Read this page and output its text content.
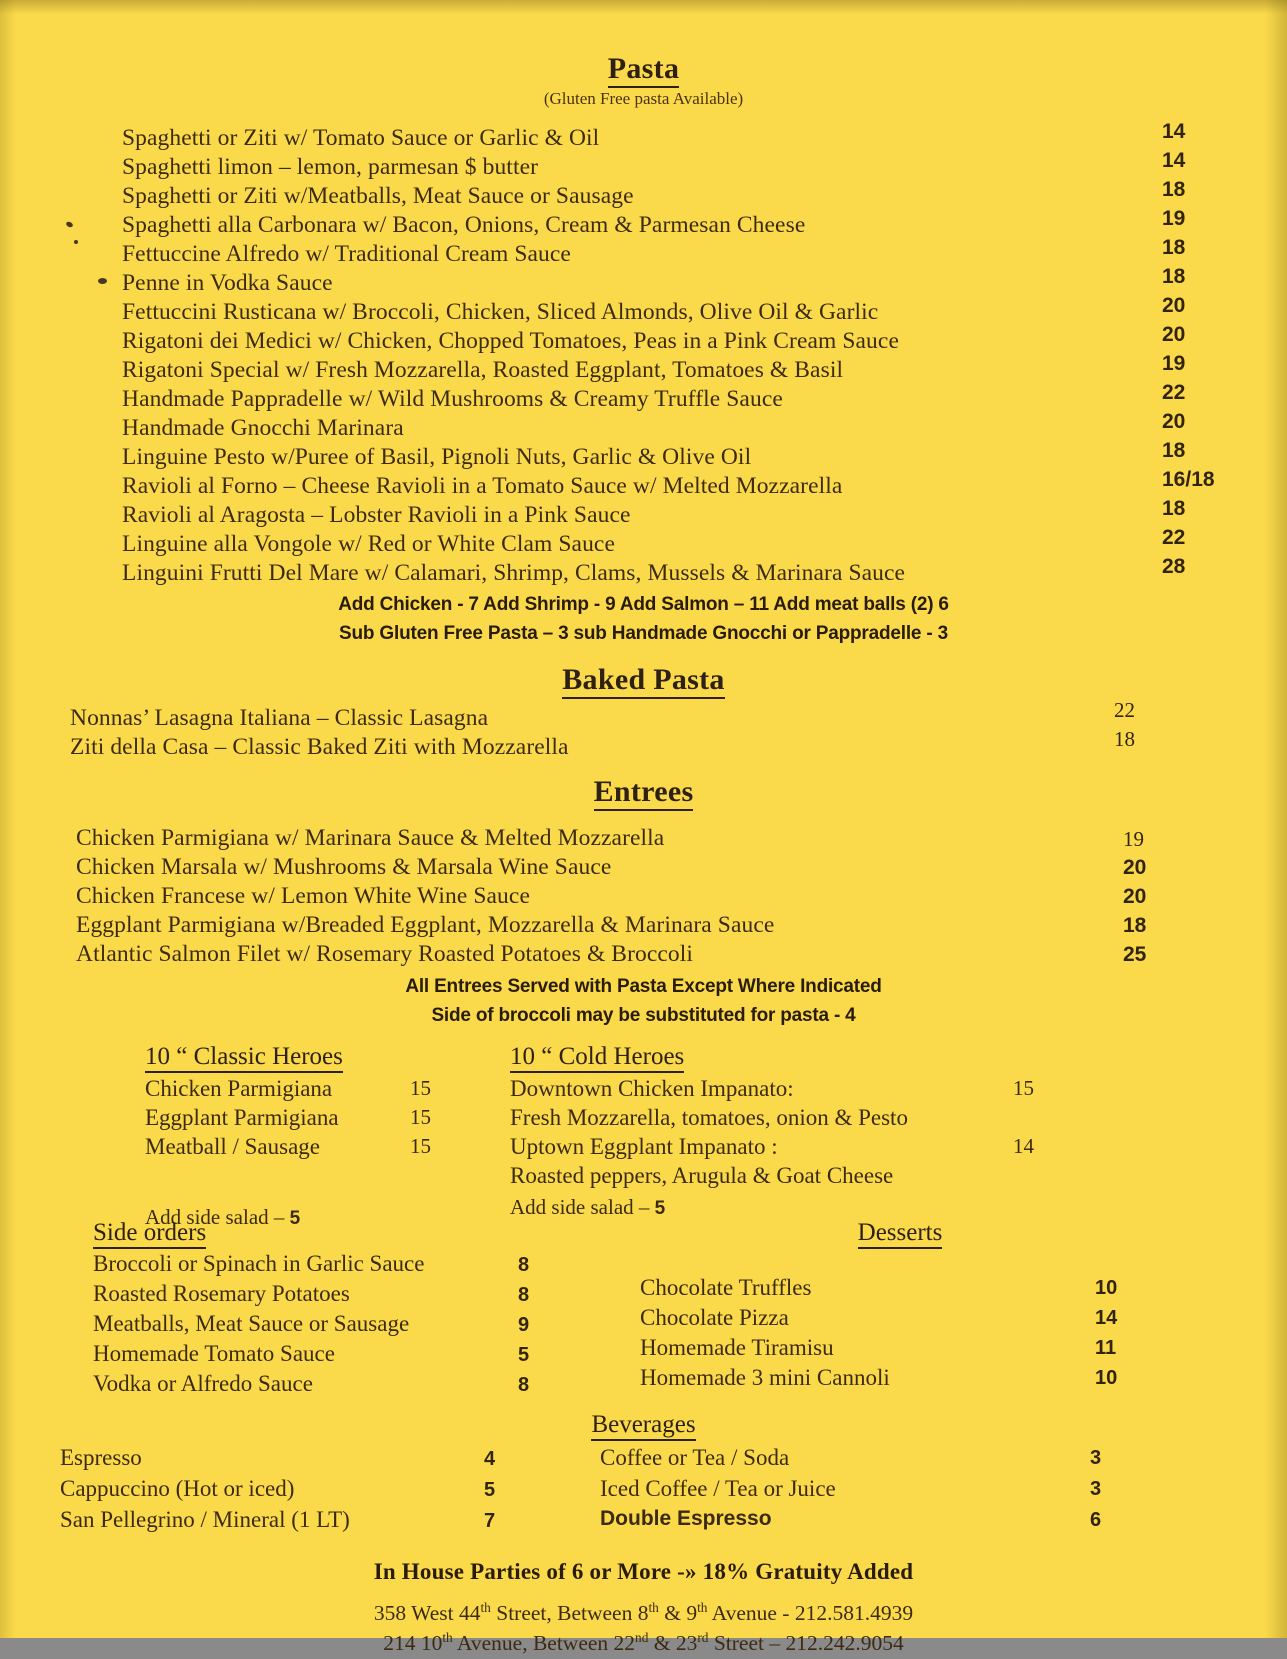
Pasta
(Gluten Free pasta Available)
Spaghetti or Ziti w/ Tomato Sauce or Garlic & Oil	14
Spaghetti limon – lemon, parmesan $ butter	14
Spaghetti or Ziti w/Meatballs, Meat Sauce or Sausage	18
Spaghetti alla Carbonara w/ Bacon, Onions, Cream & Parmesan Cheese	19
Fettuccine Alfredo w/ Traditional Cream Sauce	18
Penne in Vodka Sauce	18
Fettuccini Rusticana w/ Broccoli, Chicken, Sliced Almonds, Olive Oil & Garlic	20
Rigatoni dei Medici w/ Chicken, Chopped Tomatoes, Peas in a Pink Cream Sauce	20
Rigatoni Special w/ Fresh Mozzarella, Roasted Eggplant, Tomatoes & Basil	19
Handmade Pappradelle w/ Wild Mushrooms & Creamy Truffle Sauce	22
Handmade Gnocchi Marinara	20
Linguine Pesto w/Puree of Basil, Pignoli Nuts, Garlic & Olive Oil	18
Ravioli al Forno – Cheese Ravioli in a Tomato Sauce w/ Melted Mozzarella	16/18
Ravioli al Aragosta – Lobster Ravioli in a Pink Sauce	18
Linguine alla Vongole w/ Red or White Clam Sauce	22
Linguini Frutti Del Mare w/ Calamari, Shrimp, Clams, Mussels & Marinara Sauce	28
Add Chicken - 7 Add Shrimp - 9 Add Salmon – 11 Add meat balls (2) 6
Sub Gluten Free Pasta – 3 sub Handmade Gnocchi or Pappradelle - 3
Baked Pasta
Nonnas’ Lasagna Italiana – Classic Lasagna	22
Ziti della Casa – Classic Baked Ziti with Mozzarella	18
Entrees
Chicken Parmigiana w/ Marinara Sauce & Melted Mozzarella	19
Chicken Marsala w/ Mushrooms & Marsala Wine Sauce	20
Chicken Francese w/ Lemon White Wine Sauce	20
Eggplant Parmigiana w/Breaded Eggplant, Mozzarella & Marinara Sauce	18
Atlantic Salmon Filet w/ Rosemary Roasted Potatoes & Broccoli	25
All Entrees Served with Pasta Except Where Indicated
Side of broccoli may be substituted for pasta - 4
10 “ Classic Heroes
Chicken Parmigiana	15
Eggplant Parmigiana	15
Meatball / Sausage	15
Add side salad – 5
10 “ Cold Heroes
Downtown Chicken Impanato:	15
Fresh Mozzarella, tomatoes, onion & Pesto
Uptown Eggplant Impanato :	14
Roasted peppers, Arugula & Goat Cheese
Add side salad – 5
Side orders
Broccoli or Spinach in Garlic Sauce	8
Roasted Rosemary Potatoes	8
Meatballs, Meat Sauce or Sausage	9
Homemade Tomato Sauce	5
Vodka or Alfredo Sauce	8
Desserts
Chocolate Truffles	10
Chocolate Pizza	14
Homemade Tiramisu	11
Homemade 3 mini Cannoli	10
Beverages
Espresso	4
Cappuccino (Hot or iced)	5
San Pellegrino / Mineral (1 LT)	7
Coffee or Tea / Soda	3
Iced Coffee / Tea or Juice	3
Double Espresso	6
In House Parties of 6 or More -» 18% Gratuity Added
358 West 44th Street, Between 8th & 9th Avenue - 212.581.4939
214 10th Avenue, Between 22nd & 23rd Street – 212.242.9054
